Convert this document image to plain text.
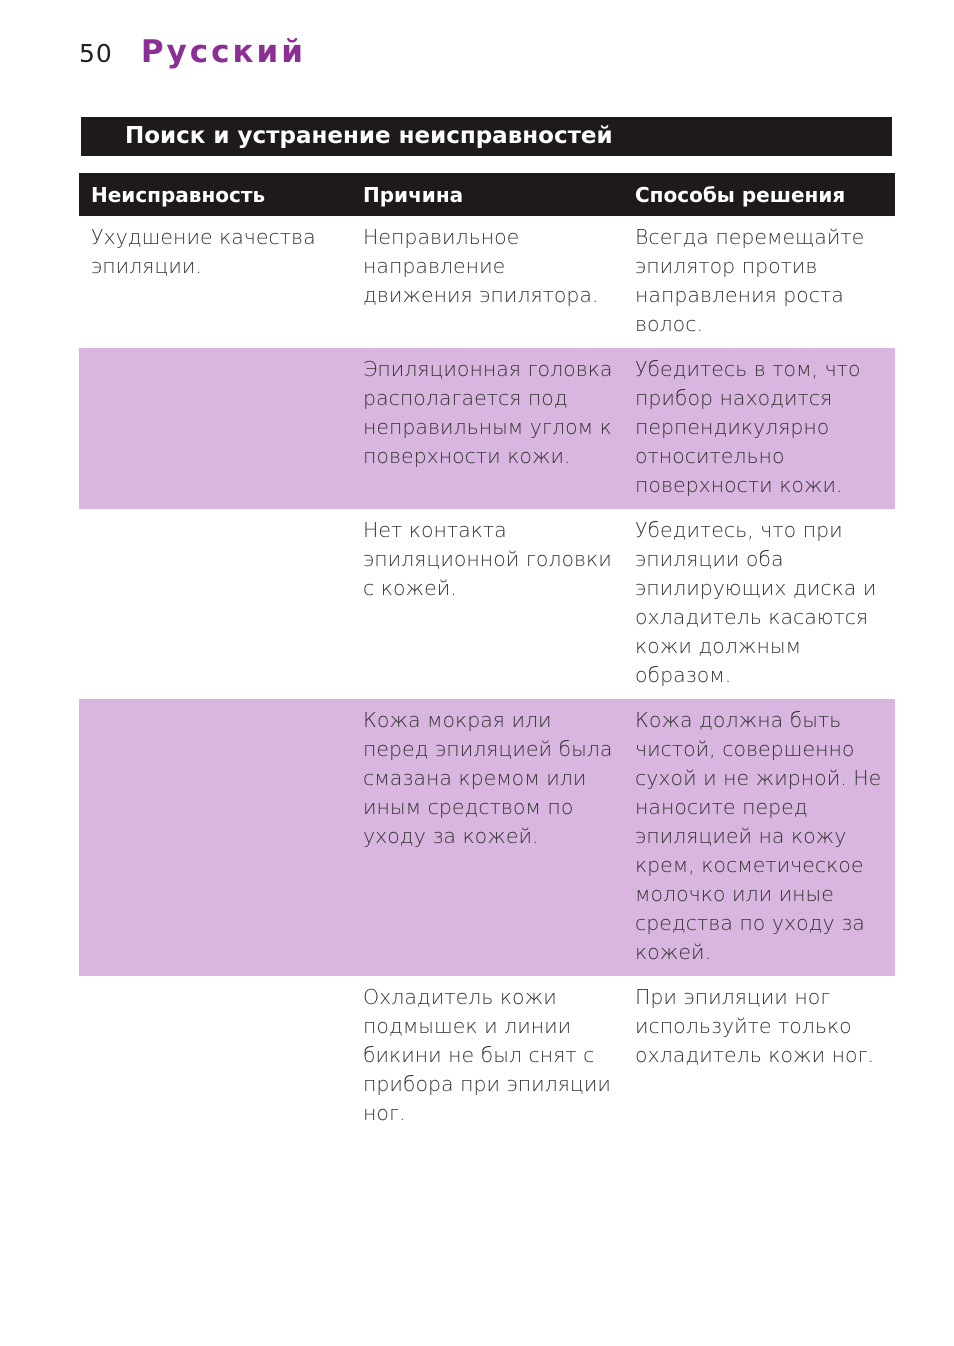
50 Русский
Поиск и устранение неисправностей
Неисправность	Причина	Способы решения
Ухудшение качества эпиляции.	Неправильное направление движения эпилятора.	Всегда перемещайте эпилятор против направления роста волос.
	Эпиляционная головка располагается под неправильным углом к поверхности кожи.	Убедитесь в том, что прибор находится перпендикулярно относительно поверхности кожи.
	Нет контакта эпиляционной головки с кожей.	Убедитесь, что при эпиляции оба эпилирующих диска и охладитель касаются кожи должным образом.
	Кожа мокрая или перед эпиляцией была смазана кремом или иным средством по уходу за кожей.	Кожа должна быть чистой, совершенно сухой и не жирной. Не наносите перед эпиляцией на кожу крем, косметическое молочко или иные средства по уходу за кожей.
	Охладитель кожи подмышек и линии бикини не был снят с прибора при эпиляции ног.	При эпиляции ног используйте только охладитель кожи ног.
